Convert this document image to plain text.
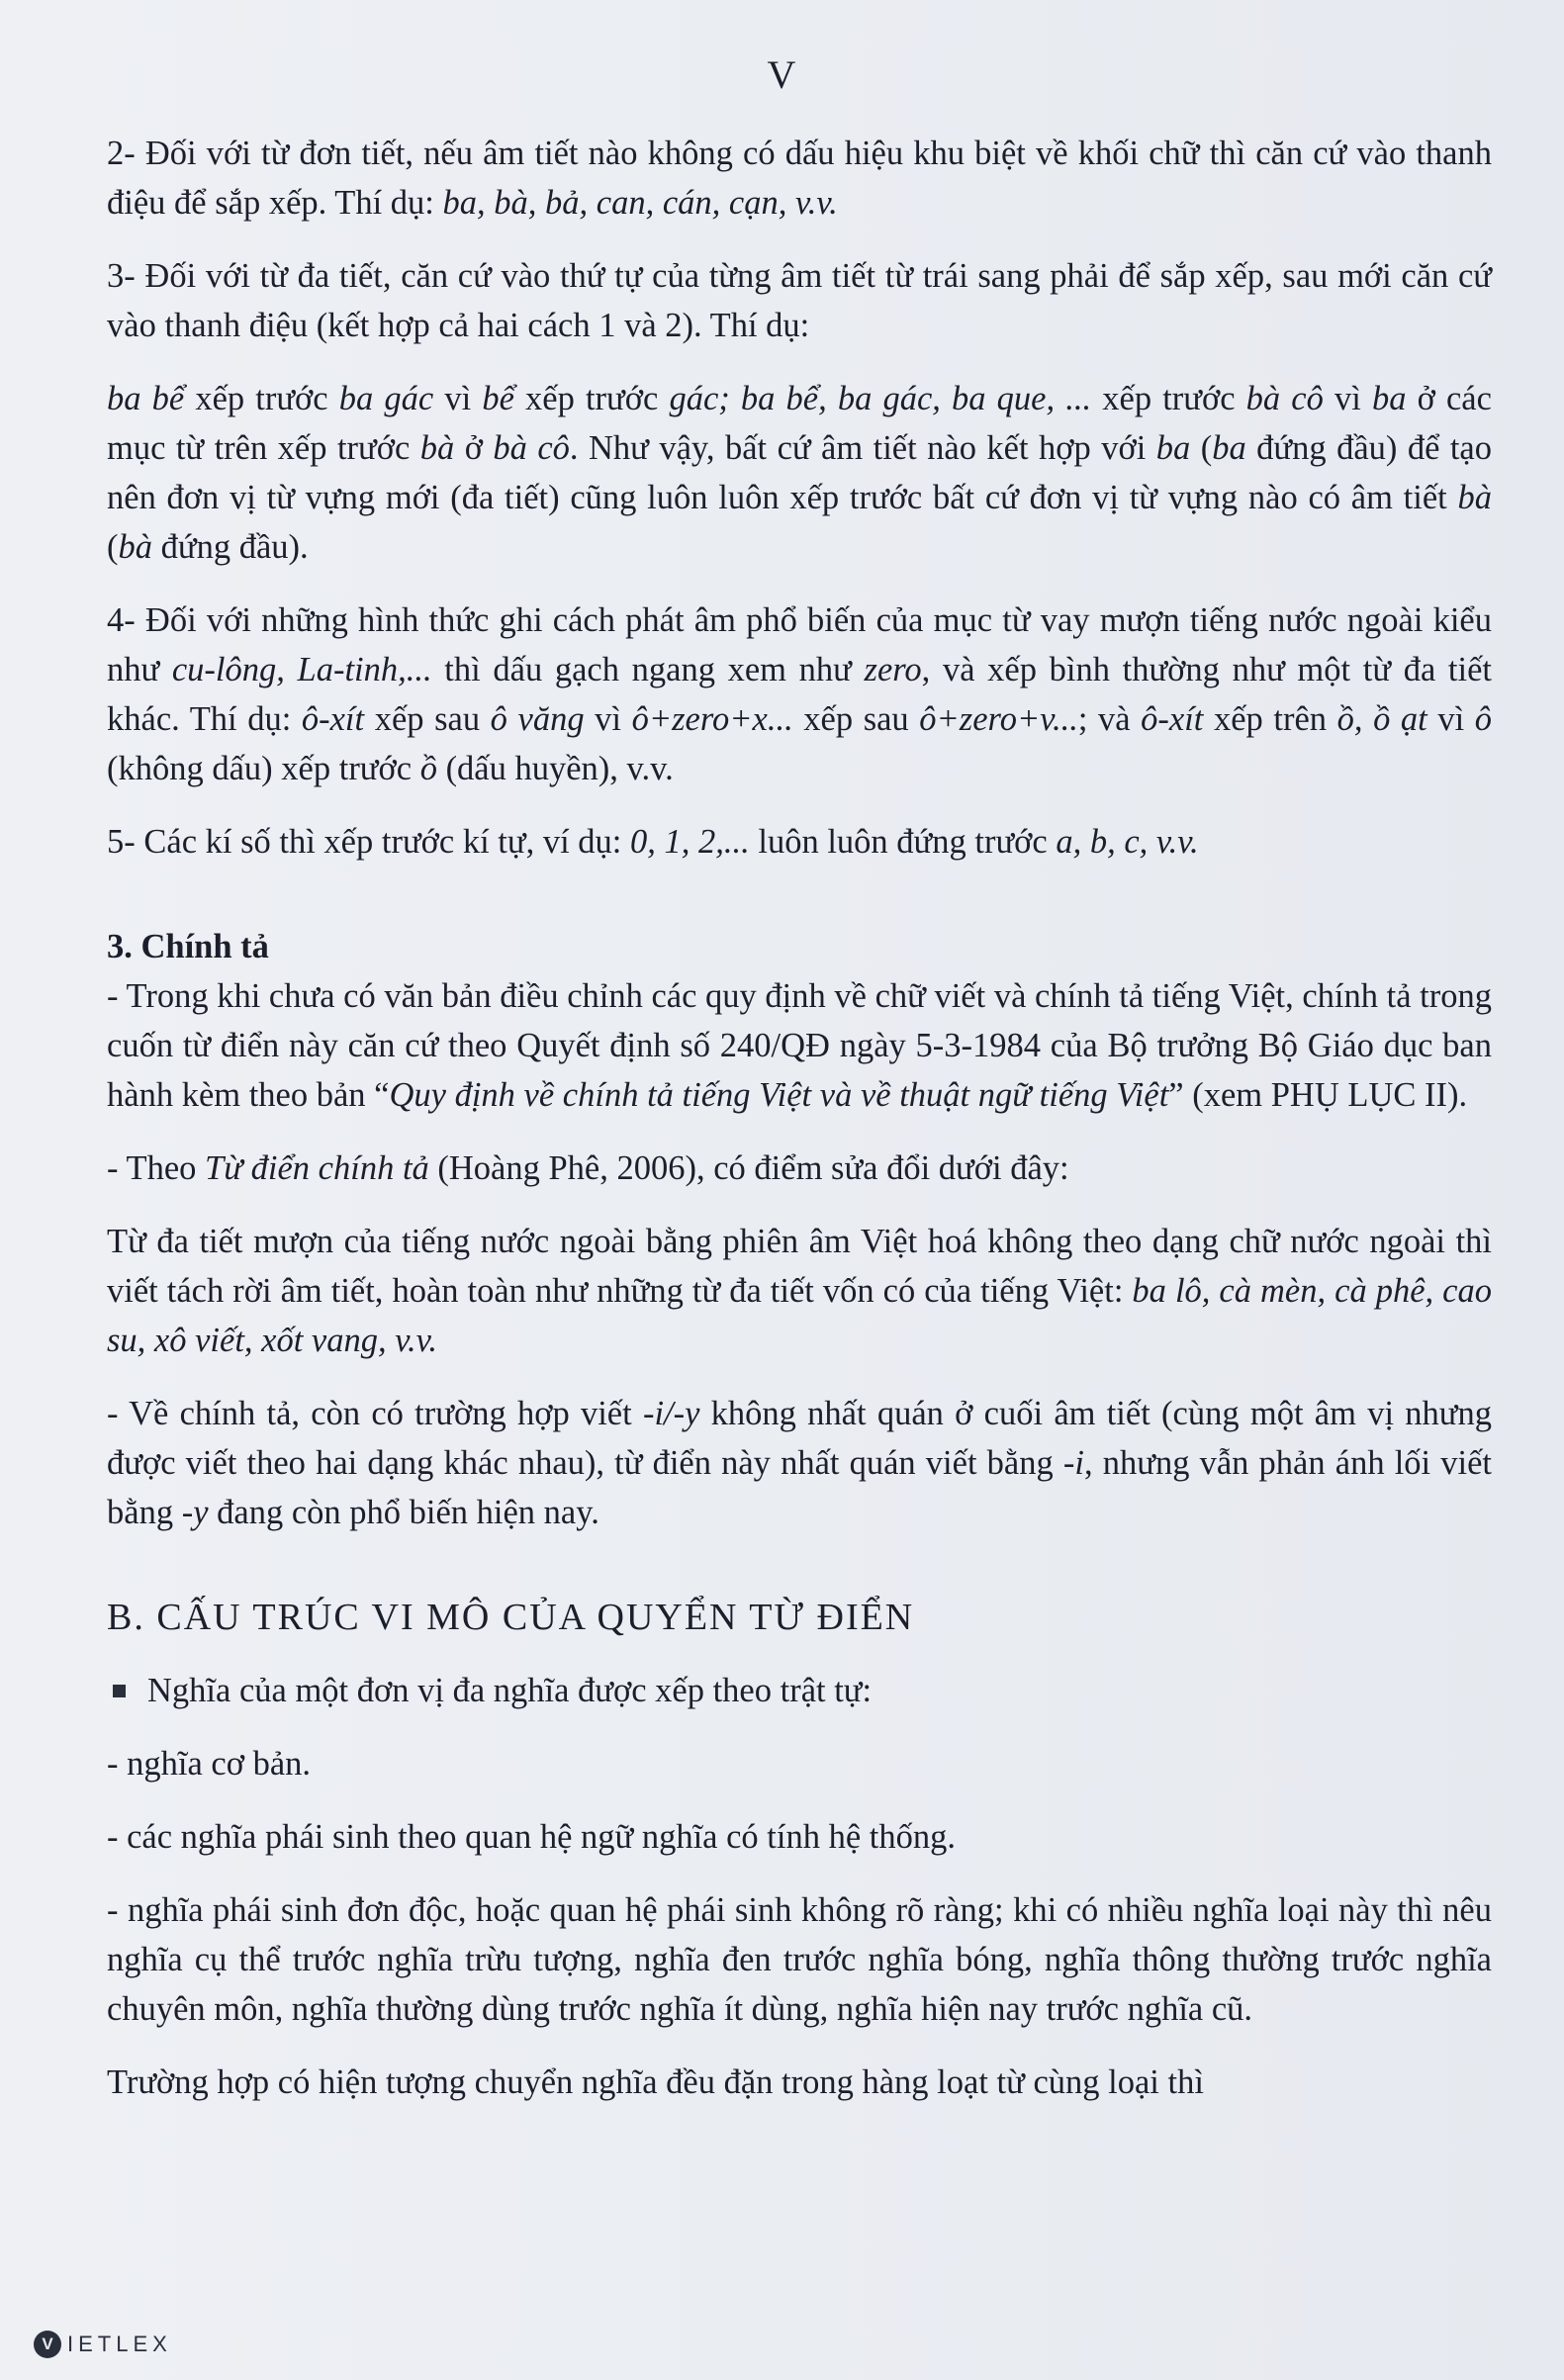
V

2- Đối với từ đơn tiết, nếu âm tiết nào không có dấu hiệu khu biệt về khối chữ thì căn cứ vào thanh điệu để sắp xếp. Thí dụ: ba, bà, bả, can, cán, cạn, v.v.

3- Đối với từ đa tiết, căn cứ vào thứ tự của từng âm tiết từ trái sang phải để sắp xếp, sau mới căn cứ vào thanh điệu (kết hợp cả hai cách 1 và 2). Thí dụ:

ba bể xếp trước ba gác vì bể xếp trước gác; ba bể, ba gác, ba que, ... xếp trước bà cô vì ba ở các mục từ trên xếp trước bà ở bà cô. Như vậy, bất cứ âm tiết nào kết hợp với ba (ba đứng đầu) để tạo nên đơn vị từ vựng mới (đa tiết) cũng luôn luôn xếp trước bất cứ đơn vị từ vựng nào có âm tiết bà (bà đứng đầu).

4- Đối với những hình thức ghi cách phát âm phổ biến của mục từ vay mượn tiếng nước ngoài kiểu như cu-lông, La-tinh,... thì dấu gạch ngang xem như zero, và xếp bình thường như một từ đa tiết khác. Thí dụ: ô-xít xếp sau ô văng vì ô+zero+x... xếp sau ô+zero+v...; và ô-xít xếp trên ồ, ồ ạt vì ô (không dấu) xếp trước ồ (dấu huyền), v.v.

5- Các kí số thì xếp trước kí tự, ví dụ: 0, 1, 2,... luôn luôn đứng trước a, b, c, v.v.

3. Chính tả

- Trong khi chưa có văn bản điều chỉnh các quy định về chữ viết và chính tả tiếng Việt, chính tả trong cuốn từ điển này căn cứ theo Quyết định số 240/QĐ ngày 5-3-1984 của Bộ trưởng Bộ Giáo dục ban hành kèm theo bản “Quy định về chính tả tiếng Việt và về thuật ngữ tiếng Việt” (xem PHỤ LỤC II).

- Theo Từ điển chính tả (Hoàng Phê, 2006), có điểm sửa đổi dưới đây:

Từ đa tiết mượn của tiếng nước ngoài bằng phiên âm Việt hoá không theo dạng chữ nước ngoài thì viết tách rời âm tiết, hoàn toàn như những từ đa tiết vốn có của tiếng Việt: ba lô, cà mèn, cà phê, cao su, xô viết, xốt vang, v.v.

- Về chính tả, còn có trường hợp viết -i/-y không nhất quán ở cuối âm tiết (cùng một âm vị nhưng được viết theo hai dạng khác nhau), từ điển này nhất quán viết bằng -i, nhưng vẫn phản ánh lối viết bằng -y đang còn phổ biến hiện nay.

B. CẤU TRÚC VI MÔ CỦA QUYỂN TỪ ĐIỂN

Nghĩa của một đơn vị đa nghĩa được xếp theo trật tự:

- nghĩa cơ bản.

- các nghĩa phái sinh theo quan hệ ngữ nghĩa có tính hệ thống.

- nghĩa phái sinh đơn độc, hoặc quan hệ phái sinh không rõ ràng; khi có nhiều nghĩa loại này thì nêu nghĩa cụ thể trước nghĩa trừu tượng, nghĩa đen trước nghĩa bóng, nghĩa thông thường trước nghĩa chuyên môn, nghĩa thường dùng trước nghĩa ít dùng, nghĩa hiện nay trước nghĩa cũ.

Trường hợp có hiện tượng chuyển nghĩa đều đặn trong hàng loạt từ cùng loại thì

V IETLEX
